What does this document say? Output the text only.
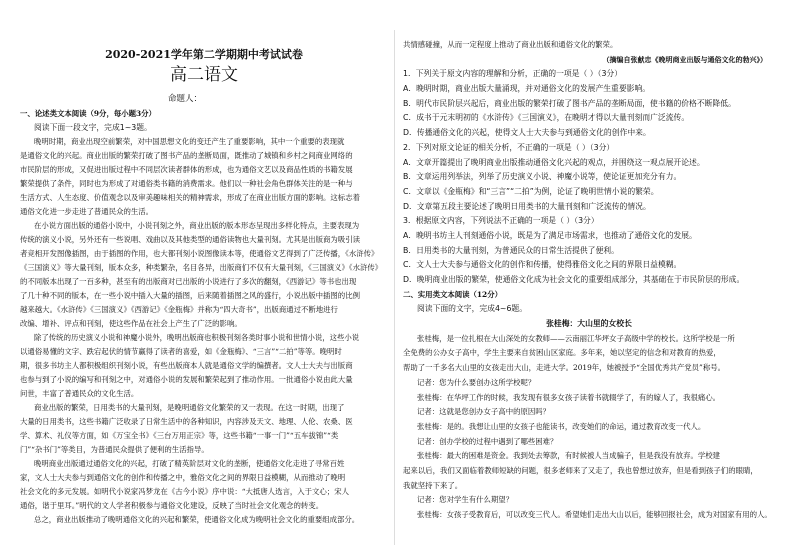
2020-2021学年第二学期期中考试试卷
高二语文
命题人：
一、论述类文本阅读（9分，每小题3分）
阅读下面一段文字，完成1~3题。
晚明时期，商业出现空前繁荣，对中国思想文化的变迁产生了重要影响，其中一个重要的表现就
是通俗文化的兴起。商业出版的繁荣打破了图书产品的垄断局面，既推动了城镇和乡村之间商业网络的
市民阶层的形成，又促进出版过程中不同层次读者群体的形成，也为通俗文艺以及商品性质的书籍发展
繁荣提供了条件，同时也为形成了对通俗类书籍的消费需求。他们以一种社会角色群体关注的是一种与
生活方式、人生态度、价值观念以及审美趣味相关的精神需求，形成了在商业出版方面的影响。这标志着
通俗文化进一步走进了普通民众的生活。
在小说方面出版的通俗小说中，小说刊刻之外，商业出版的版本形态呈现出多样化特点，主要表现为
传统的演义小说，另外还有一些说唱、戏曲以及其他类型的通俗读物也大量刊刻。尤其是出版商为吸引读
者竞相开发图像插图，由于插图的作用，也大都刊刻小说图像读本等，使通俗文艺得到了广泛传播，《水浒传》
《三国演义》等大量刊刻，版本众多，种类繁杂，名目各异，出版商们不仅有大量刊刻，《三国演义》《水浒传》
的不同版本出现了一百多种，甚至有的出版商对已出版的小说进行了多次的翻刻，《西游记》等书也出现
了几十种不同的版本，在一些小说中插入大量的插图，后来随着插图之风的盛行，小说出版中插图的比例
越来越大。《水浒传》《三国演义》《西游记》《金瓶梅》并称为“四大奇书”，出版商通过不断地进行
改编、增补、评点和刊刻，使这些作品在社会上产生了广泛的影响。
除了传统的历史演义小说和神魔小说外，晚明出版商也积极刊刻各类时事小说和世情小说，这些小说
以通俗易懂的文字、跌宕起伏的情节赢得了读者的喜爱，如《金瓶梅》、“三言”“二拍”等等。晚明时
期，很多书坊主人都积极组织刊刻小说，有些出版商本人就是通俗文学的编撰者。文人士大夫与出版商
也参与到了小说的编写和刊刻之中，对通俗小说的发展和繁荣起到了推动作用。一批通俗小说由此大量
问世，丰富了普通民众的文化生活。
商业出版的繁荣，日用类书的大量刊刻，是晚明通俗文化繁荣的又一表现。在这一时期，出现了
大量的日用类书，这些书籍广泛收录了日常生活中的各种知识，内容涉及天文、地理、人伦、农桑、医
学、算术、礼仪等方面，如《万宝全书》《三台万用正宗》等，这些书籍“一事一门”“五车拔锦”“类
门”“杂书门”等类目，为普通民众提供了便利的生活指导。
晚明商业出版通过通俗文化的兴起，打破了精英阶层对文化的垄断，使通俗文化走进了寻常百姓
家，文人士大夫参与到通俗文化的创作和传播之中，雅俗文化之间的界限日益模糊，从而推动了晚明
社会文化的多元发展。如明代小说家冯梦龙在《古今小说》序中说：“大抵唐人选言，入于文心；宋人
通俗，谐于里耳。”明代的文人学者积极参与通俗文化建设，反映了当时社会文化观念的转变。
总之，商业出版推动了晚明通俗文化的兴起和繁荣，使通俗文化成为晚明社会文化的重要组成部分。
共情感碰撞，从而一定程度上推动了商业出版和通俗文化的繁荣。
（摘编自张献忠《晚明商业出版与通俗文化的勃兴》）
1．下列关于原文内容的理解和分析，正确的一项是（ ）（3分）
A．晚明时期，商业出版大量涌现，并对通俗文化的发展产生重要影响。
B．明代市民阶层兴起后，商业出版的繁荣打破了图书产品的垄断局面，使书籍的价格不断降低。
C．成书于元末明初的《水浒传》《三国演义》，在晚明才得以大量刊刻而广泛流传。
D．传播通俗文化的兴起，使得文人士大夫参与到通俗文化的创作中来。
2．下列对原文论证的相关分析，不正确的一项是（ ）（3分）
A．文章开篇提出了晚明商业出版推动通俗文化兴起的观点，并围绕这一观点展开论述。
B．文章运用列举法，列举了历史演义小说、神魔小说等，使论证更加充分有力。
C．文章以《金瓶梅》和“三言”“二拍”为例，论证了晚明世情小说的繁荣。
D．文章第五段主要论述了晚明日用类书的大量刊刻和广泛流传的情况。
3．根据原文内容，下列说法不正确的一项是（ ）（3分）
A．晚明书坊主人刊刻通俗小说，既是为了满足市场需求，也推动了通俗文化的发展。
B．日用类书的大量刊刻，为普通民众的日常生活提供了便利。
C．文人士大夫参与通俗文化的创作和传播，使得雅俗文化之间的界限日益模糊。
D．晚明商业出版的繁荣，使通俗文化成为社会文化的重要组成部分，其基础在于市民阶层的形成。
二、实用类文本阅读（12分）
阅读下面的文字，完成4~6题。
张桂梅：大山里的女校长
张桂梅，是一位扎根在大山深处的女教师——云南丽江华坪女子高级中学的校长。这所学校是一所
全免费的公办女子高中，学生主要来自贫困山区家庭。多年来，她以坚定的信念和对教育的热爱，
帮助了一千多名大山里的女孩走出大山，走进大学。2019年，她被授予“全国优秀共产党员”称号。
记者：您为什么要创办这所学校呢？
张桂梅：在华坪工作的时候，我发现有很多女孩子读着书就辍学了，有的嫁人了，我很痛心。
记者：这就是您创办女子高中的原因吗？
张桂梅：是的。我想让山里的女孩子也能读书，改变她们的命运，通过教育改变一代人。
记者：创办学校的过程中遇到了哪些困难？
张桂梅：最大的困难是资金。我到处去筹款，有时候被人当成骗子，但是我没有放弃。学校建
起来以后，我们又面临着教师短缺的问题，很多老师来了又走了，我也曾想过放弃，但是看到孩子们的眼睛，
我就坚持下来了。
记者：您对学生有什么期望？
张桂梅：女孩子受教育后，可以改变三代人。希望她们走出大山以后，能够回报社会，成为对国家有用的人。
